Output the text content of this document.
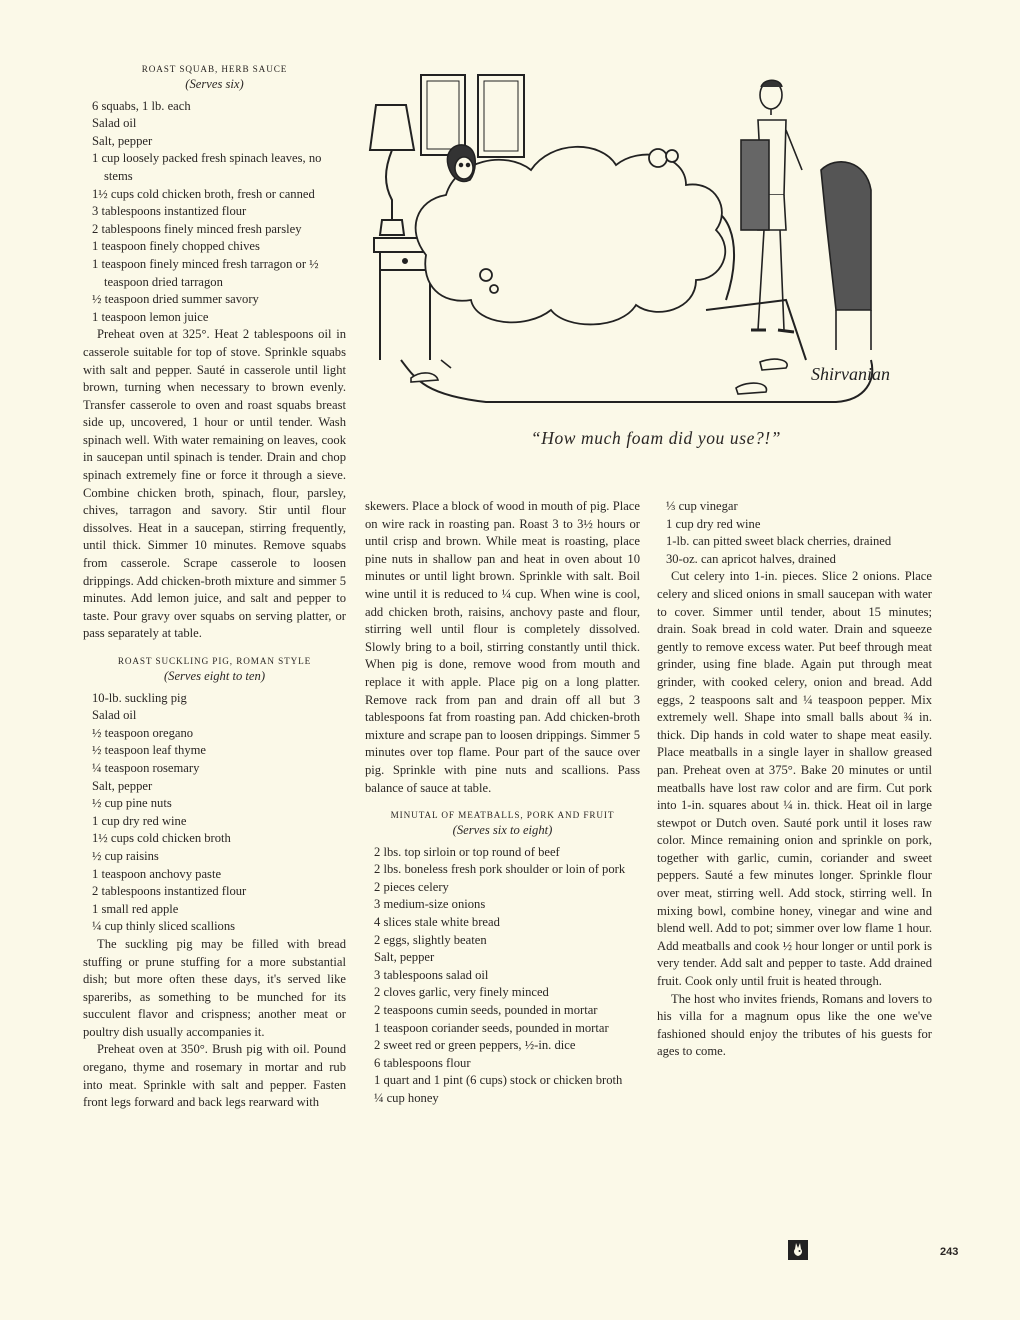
ROAST SQUAB, HERB SAUCE
(Serves six)
6 squabs, 1 lb. each
Salad oil
Salt, pepper
1 cup loosely packed fresh spinach leaves, no stems
1½ cups cold chicken broth, fresh or canned
3 tablespoons instantized flour
2 tablespoons finely minced fresh parsley
1 teaspoon finely chopped chives
1 teaspoon finely minced fresh tarragon or ½ teaspoon dried tarragon
½ teaspoon dried summer savory
1 teaspoon lemon juice

Preheat oven at 325°. Heat 2 tablespoons oil in casserole suitable for top of stove. Sprinkle squabs with salt and pepper. Sauté in casserole until light brown, turning when necessary to brown evenly. Transfer casserole to oven and roast squabs breast side up, uncovered, 1 hour or until tender. Wash spinach well. With water remaining on leaves, cook in saucepan until spinach is tender. Drain and chop spinach extremely fine or force it through a sieve. Combine chicken broth, spinach, flour, parsley, chives, tarragon and savory. Stir until flour dissolves. Heat in a saucepan, stirring frequently, until thick. Simmer 10 minutes. Remove squabs from casserole. Scrape casserole to loosen drippings. Add chicken-broth mixture and simmer 5 minutes. Add lemon juice, and salt and pepper to taste. Pour gravy over squabs on serving platter, or pass separately at table.

ROAST SUCKLING PIG, ROMAN STYLE
(Serves eight to ten)
10-lb. suckling pig
Salad oil
½ teaspoon oregano
½ teaspoon leaf thyme
¼ teaspoon rosemary
Salt, pepper
½ cup pine nuts
1 cup dry red wine
1½ cups cold chicken broth
½ cup raisins
1 teaspoon anchovy paste
2 tablespoons instantized flour
1 small red apple
¼ cup thinly sliced scallions

The suckling pig may be filled with bread stuffing or prune stuffing for a more substantial dish; but more often these days, it's served like spareribs, as something to be munched for its succulent flavor and crispness; another meat or poultry dish usually accompanies it.

Preheat oven at 350°. Brush pig with oil. Pound oregano, thyme and rosemary in mortar and rub into meat. Sprinkle with salt and pepper. Fasten front legs forward and back legs rearward with

Shirvanian
“How much foam did you use?!”

skewers. Place a block of wood in mouth of pig. Place on wire rack in roasting pan. Roast 3 to 3½ hours or until crisp and brown. While meat is roasting, place pine nuts in shallow pan and heat in oven about 10 minutes or until light brown. Sprinkle with salt. Boil wine until it is reduced to ¼ cup. When wine is cool, add chicken broth, raisins, anchovy paste and flour, stirring well until flour is completely dissolved. Slowly bring to a boil, stirring constantly until thick. When pig is done, remove wood from mouth and replace it with apple. Place pig on a long platter. Remove rack from pan and drain off all but 3 tablespoons fat from roasting pan. Add chicken-broth mixture and scrape pan to loosen drippings. Simmer 5 minutes over top flame. Pour part of the sauce over pig. Sprinkle with pine nuts and scallions. Pass balance of sauce at table.

MINUTAL OF MEATBALLS, PORK AND FRUIT
(Serves six to eight)
2 lbs. top sirloin or top round of beef
2 lbs. boneless fresh pork shoulder or loin of pork
2 pieces celery
3 medium-size onions
4 slices stale white bread
2 eggs, slightly beaten
Salt, pepper
3 tablespoons salad oil
2 cloves garlic, very finely minced
2 teaspoons cumin seeds, pounded in mortar
1 teaspoon coriander seeds, pounded in mortar
2 sweet red or green peppers, ½-in. dice
6 tablespoons flour
1 quart and 1 pint (6 cups) stock or chicken broth
¼ cup honey
⅓ cup vinegar
1 cup dry red wine
1-lb. can pitted sweet black cherries, drained
30-oz. can apricot halves, drained

Cut celery into 1-in. pieces. Slice 2 onions. Place celery and sliced onions in small saucepan with water to cover. Simmer until tender, about 15 minutes; drain. Soak bread in cold water. Drain and squeeze gently to remove excess water. Put beef through meat grinder, using fine blade. Again put through meat grinder, with cooked celery, onion and bread. Add eggs, 2 teaspoons salt and ¼ teaspoon pepper. Mix extremely well. Shape into small balls about ¾ in. thick. Dip hands in cold water to shape meat easily. Place meatballs in a single layer in shallow greased pan. Preheat oven at 375°. Bake 20 minutes or until meatballs have lost raw color and are firm. Cut pork into 1-in. squares about ¼ in. thick. Heat oil in large stewpot or Dutch oven. Sauté pork until it loses raw color. Mince remaining onion and sprinkle on pork, together with garlic, cumin, coriander and sweet peppers. Sauté a few minutes longer. Sprinkle flour over meat, stirring well. Add stock, stirring well. In mixing bowl, combine honey, vinegar and wine and blend well. Add to pot; simmer over low flame 1 hour. Add meatballs and cook ½ hour longer or until pork is very tender. Add salt and pepper to taste. Add drained fruit. Cook only until fruit is heated through.

The host who invites friends, Romans and lovers to his villa for a magnum opus like the one we've fashioned should enjoy the tributes of his guests for ages to come.

243
